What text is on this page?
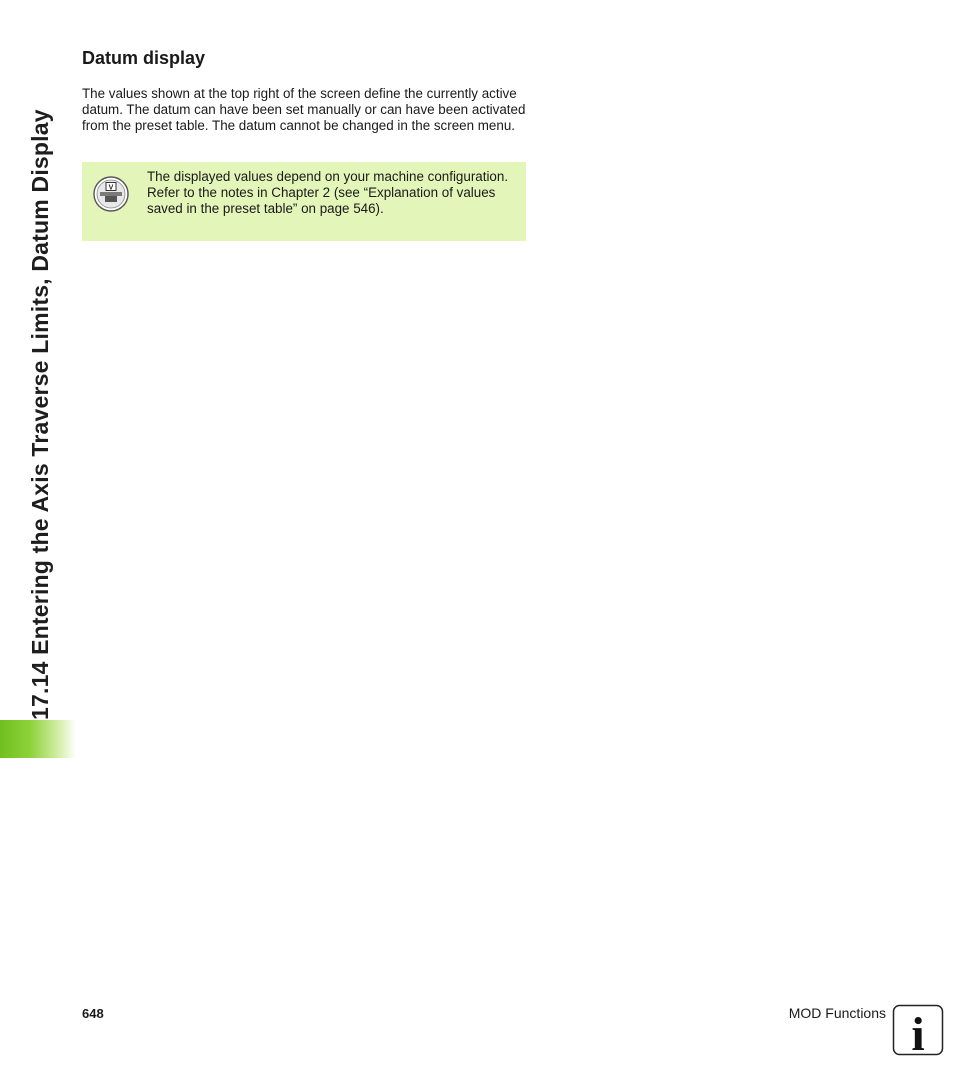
17.14 Entering the Axis Traverse Limits, Datum Display
Datum display

The values shown at the top right of the screen define the currently active datum. The datum can have been set manually or can have been activated from the preset table. The datum cannot be changed in the screen menu.

V

The displayed values depend on your machine configuration. Refer to the notes in Chapter 2 (see “Explanation of values saved in the preset table” on page 546).

648	MOD Functions i
